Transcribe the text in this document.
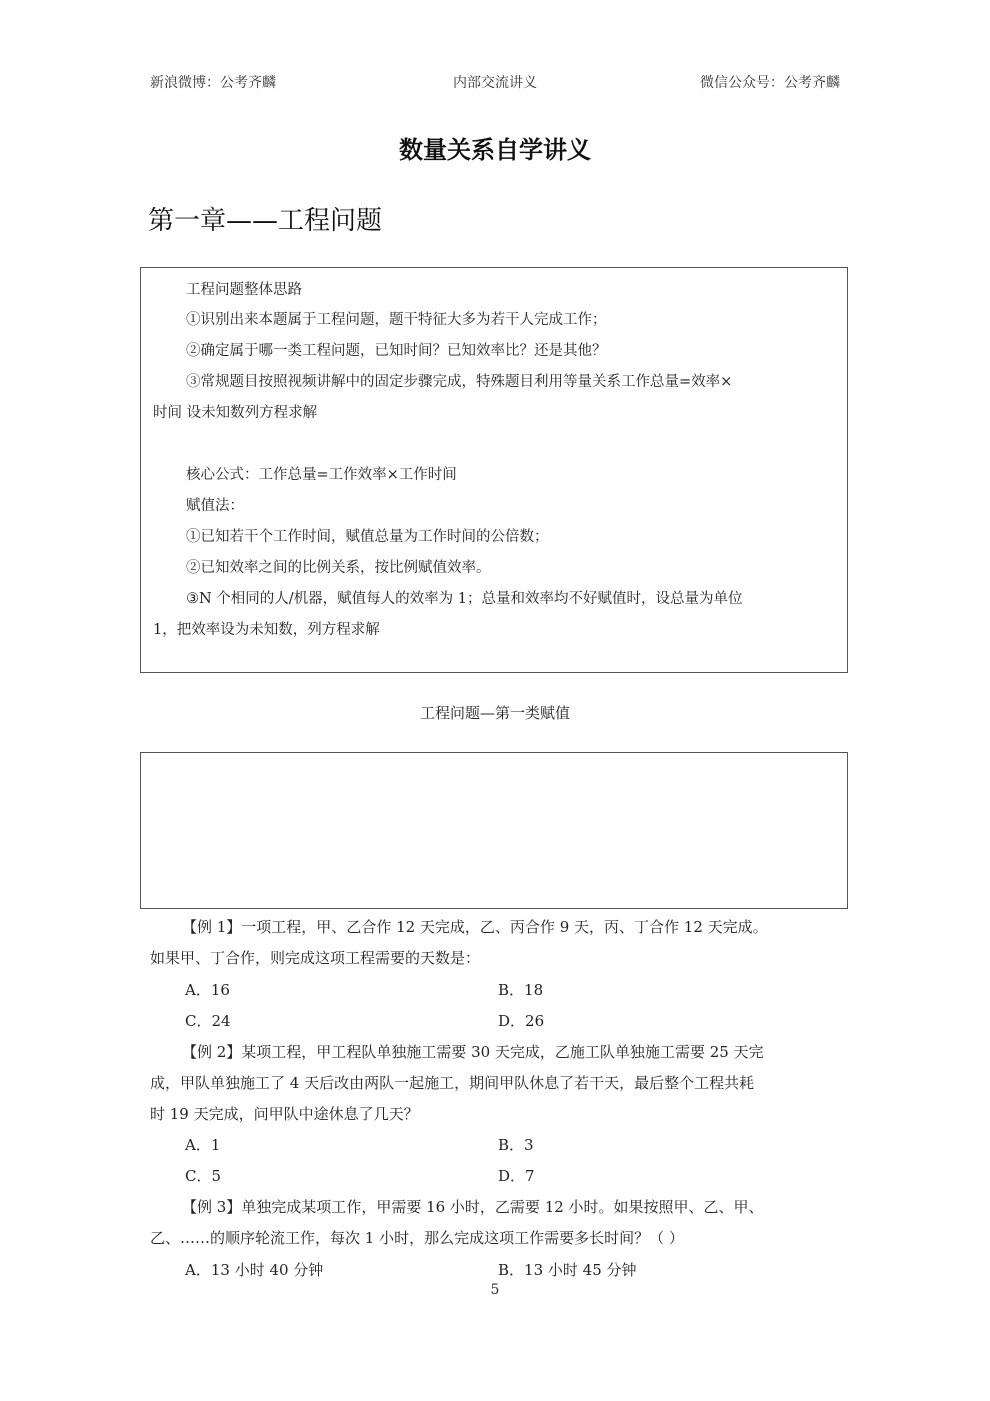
新浪微博：公考齐麟	内部交流讲义	微信公众号：公考齐麟
数量关系自学讲义
第一章——工程问题
工程问题整体思路
①识别出来本题属于工程问题，题干特征大多为若干人完成工作；
②确定属于哪一类工程问题，已知时间？已知效率比？还是其他？
③常规题目按照视频讲解中的固定步骤完成，特殊题目利用等量关系工作总量=效率×
时间 设未知数列方程求解
核心公式：工作总量=工作效率×工作时间
赋值法：
①已知若干个工作时间，赋值总量为工作时间的公倍数；
②已知效率之间的比例关系，按比例赋值效率。
③N 个相同的人/机器，赋值每人的效率为 1；总量和效率均不好赋值时，设总量为单位
1，把效率设为未知数，列方程求解
工程问题—第一类赋值
【例 1】一项工程，甲、乙合作 12 天完成，乙、丙合作 9 天，丙、丁合作 12 天完成。
如果甲、丁合作，则完成这项工程需要的天数是：
A．16	B．18
C．24	D．26
【例 2】某项工程，甲工程队单独施工需要 30 天完成，乙施工队单独施工需要 25 天完
成，甲队单独施工了 4 天后改由两队一起施工，期间甲队休息了若干天，最后整个工程共耗
时 19 天完成，问甲队中途休息了几天？
A．1	B．3
C．5	D．7
【例 3】单独完成某项工作，甲需要 16 小时，乙需要 12 小时。如果按照甲、乙、甲、
乙、……的顺序轮流工作，每次 1 小时，那么完成这项工作需要多长时间？（ ）
A．13 小时 40 分钟	B．13 小时 45 分钟
5
